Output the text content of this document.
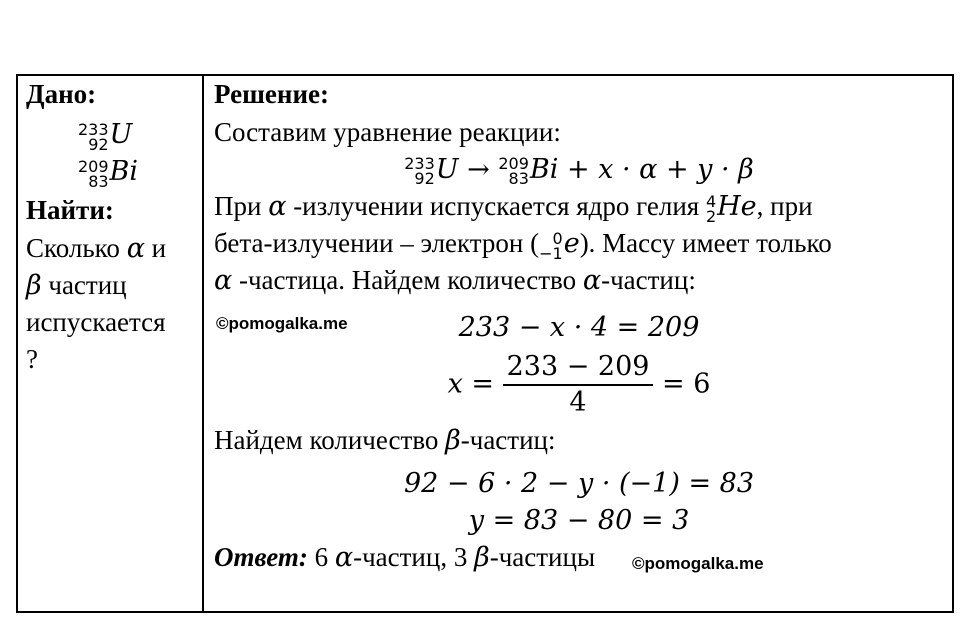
Дано:
233
92U
209
83Bi
Найти:
Сколько α и
β частиц
испускается
?
Решение:
Составим уравнение реакции:
233
92U → 209
83Bi + x · α + y · β
При α -излучении испускается ядро гелия 4
2He, при
бета-излучении – электрон ( 0
−1e). Массу имеет только
α -частица. Найдем количество α-частиц:
233 − x · 4 = 209
$x = \frac{233 - 209}{4} = 6$
Найдем количество β-частиц:
92 − 6 · 2 − y · (−1) = 83
y = 83 − 80 = 3
Ответ: 6 α-частиц, 3 β-частицы
©pomogalka.me
©pomogalka.me
